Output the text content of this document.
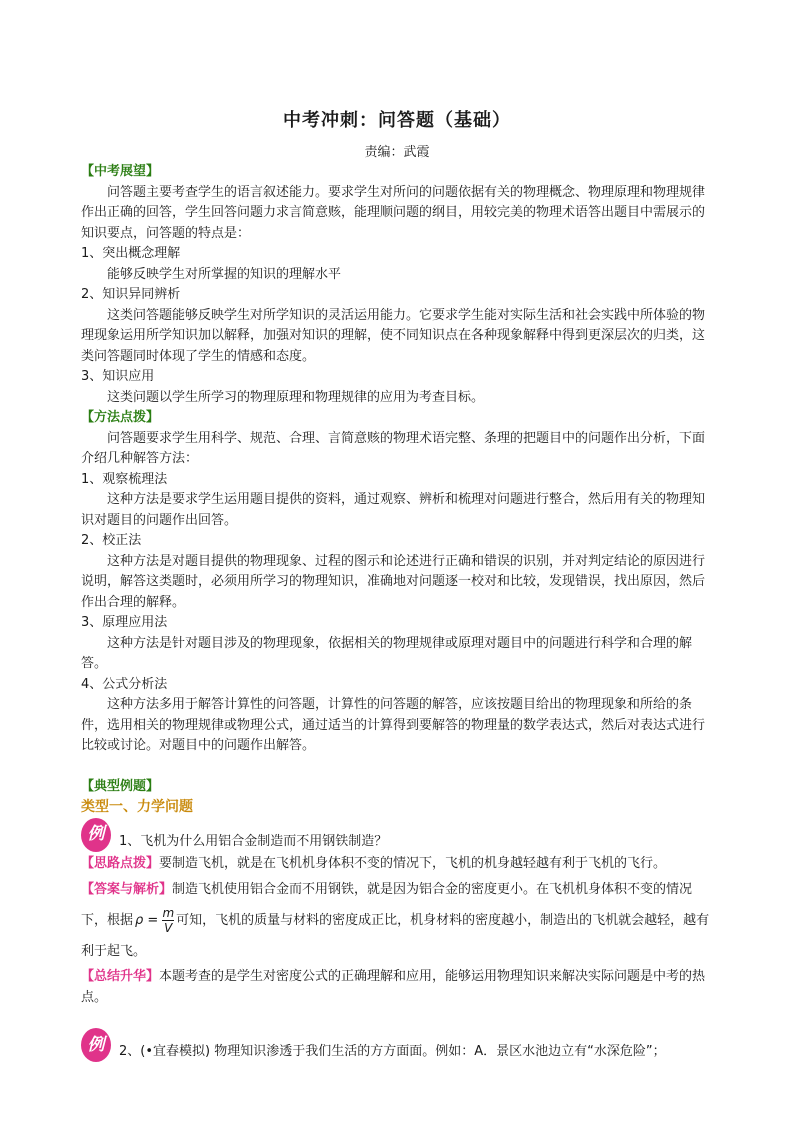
中考冲刺：问答题（基础）
责编：武霞

【中考展望】

问答题主要考查学生的语言叙述能力。要求学生对所问的问题依据有关的物理概念、物理原理和物理规律作出正确的回答，学生回答问题力求言简意赅，能理顺问题的纲目，用较完美的物理术语答出题目中需展示的知识要点，问答题的特点是：

1、突出概念理解

能够反映学生对所掌握的知识的理解水平

2、知识异同辨析

这类问答题能够反映学生对所学知识的灵活运用能力。它要求学生能对实际生活和社会实践中所体验的物理现象运用所学知识加以解释，加强对知识的理解，使不同知识点在各种现象解释中得到更深层次的归类，这类问答题同时体现了学生的情感和态度。

3、知识应用

这类问题以学生所学习的物理原理和物理规律的应用为考查目标。

【方法点拨】

问答题要求学生用科学、规范、合理、言简意赅的物理术语完整、条理的把题目中的问题作出分析，下面介绍几种解答方法：

1、观察梳理法

这种方法是要求学生运用题目提供的资料，通过观察、辨析和梳理对问题进行整合，然后用有关的物理知识对题目的问题作出回答。

2、校正法

这种方法是对题目提供的物理现象、过程的图示和论述进行正确和错误的识别，并对判定结论的原因进行说明，解答这类题时，必须用所学习的物理知识，准确地对问题逐一校对和比较，发现错误，找出原因，然后作出合理的解释。

3、原理应用法

这种方法是针对题目涉及的物理现象，依据相关的物理规律或原理对题目中的问题进行科学和合理的解答。

4、公式分析法

这种方法多用于解答计算性的问答题，计算性的问答题的解答，应该按题目给出的物理现象和所给的条件，选用相关的物理规律或物理公式，通过适当的计算得到要解答的物理量的数学表达式，然后对表达式进行比较或讨论。对题目中的问题作出解答。

【典型例题】

类型一、力学问题

例	1、飞机为什么用铝合金制造而不用钢铁制造？

【思路点拨】要制造飞机，就是在飞机机身体积不变的情况下，飞机的机身越轻越有利于飞机的飞行。

【答案与解析】制造飞机使用铝合金而不用钢铁，就是因为铝合金的密度更小。在飞机机身体积不变的情况下，根据 ρ =
$\frac{m}{V}$ 可知，飞机的质量与材料的密度成正比，机身材料的密度越小，制造出的飞机就会越轻，越有利于起飞。

【总结升华】本题考查的是学生对密度公式的正确理解和应用，能够运用物理知识来解决实际问题是中考的热点。

例	2、(•宜春模拟) 物理知识渗透于我们生活的方方面面。例如：A．景区水池边立有“水深危险”；
